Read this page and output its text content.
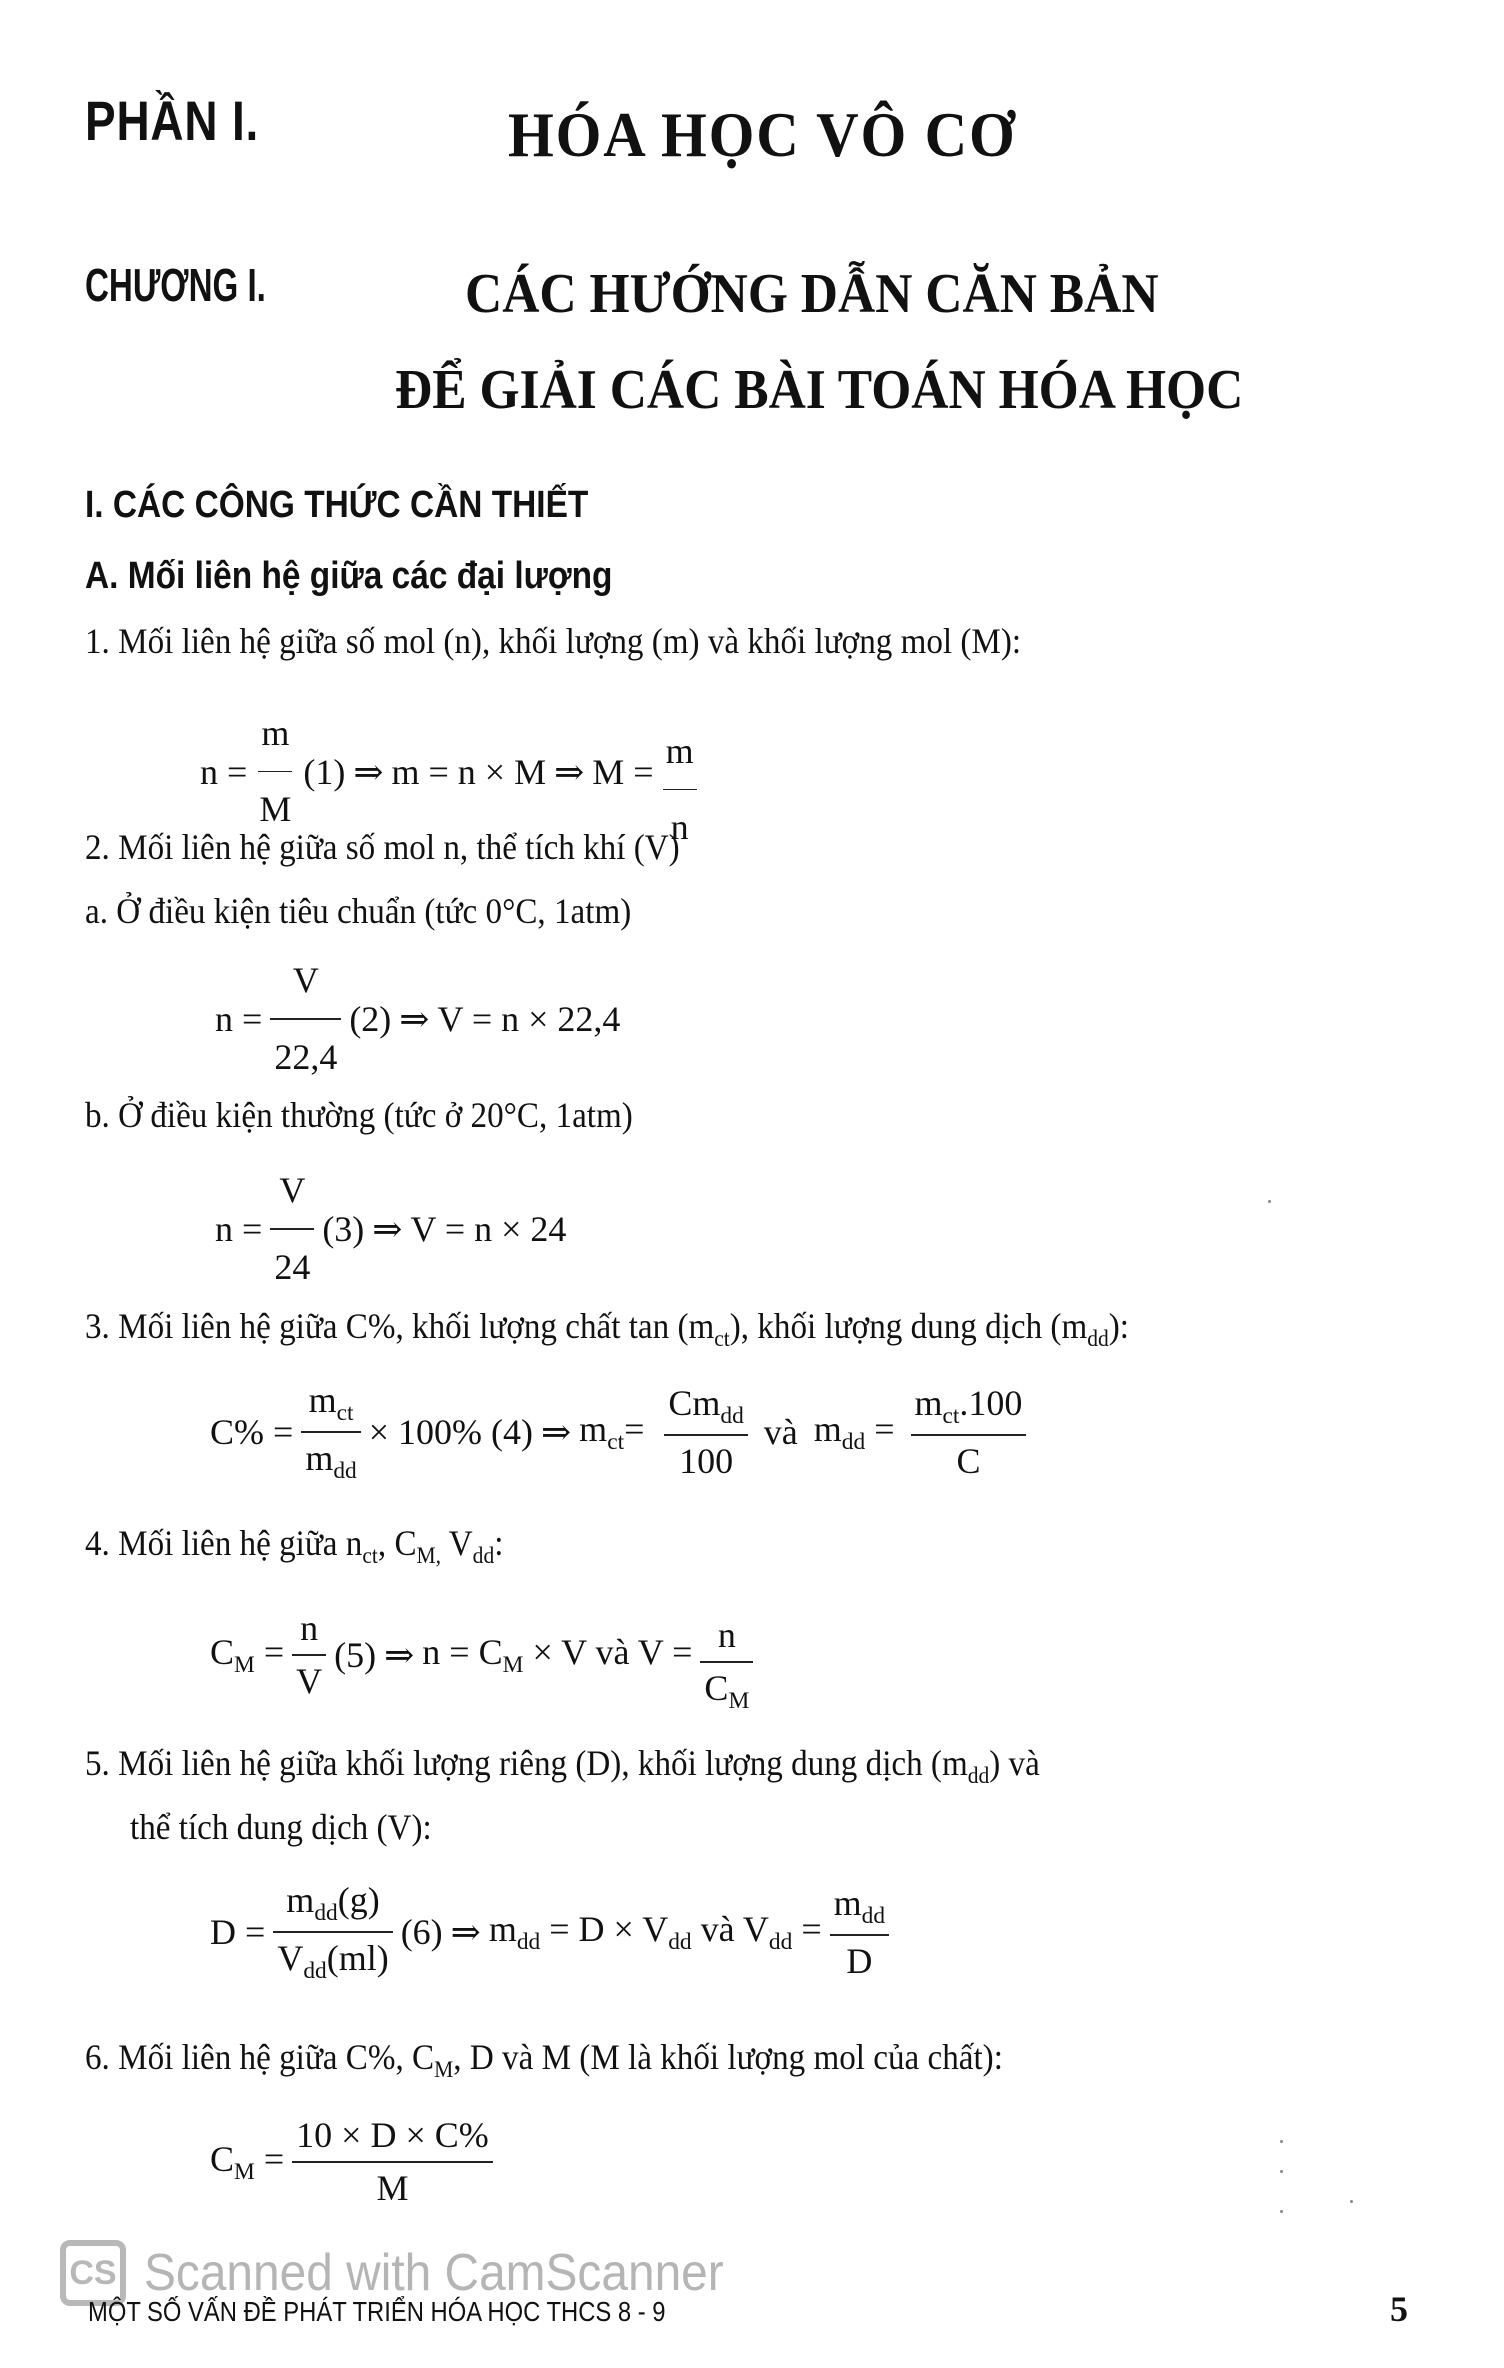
PHẦN I.	HÓA HỌC VÔ CƠ
CHƯƠNG I.	CÁC HƯỚNG DẪN CĂN BẢN
ĐỂ GIẢI CÁC BÀI TOÁN HÓA HỌC
I. CÁC CÔNG THỨC CẦN THIẾT
A. Mối liên hệ giữa các đại lượng
1. Mối liên hệ giữa số mol (n), khối lượng (m) và khối lượng mol (M):
$n = \frac{m}{M} (1)$ ⇒ m = n × M ⇒ $M = \frac{m}{n}$
2. Mối liên hệ giữa số mol n, thể tích khí (V)
a. Ở điều kiện tiêu chuẩn (tức 0°C, 1atm)
$n = \frac{V}{22,4} (2)$ ⇒ V = n × 22,4
b. Ở điều kiện thường (tức ở 20°C, 1atm)
$n = \frac{V}{24} (3)$ ⇒ V = n × 24
3. Mối liên hệ giữa C%, khối lượng chất $\tan (m_{ct})$, khối lượng dung dịch $(m_{dd})$:
$C\% = \frac{m_{ct}}{m_{dd}} \times 100\%$
(4) ⇒ $m_{ct}= \frac{Cm_{dd}}{100}$ và $m_{dd} = \frac{m_{ct}.100}{C}$
4. Mối liên hệ giữa $n_{ct}$, $C_{M,}$ $V_{dd}$:
$C_M = \frac{n}{V} (5)$ ⇒ $n = C_M \times V$ và $V = \frac{n}{C_M}$
5. Mối liên hệ giữa khối lượng riêng (D), khối lượng dung dịch $(m_{dd})$ và
thể tích dung dịch (V):
$D = \frac{m_{dd}(g)}{V_{dd}(ml)} (6)$ ⇒ $m_{dd} = D \times V_{dd}$ và $V_{dd} = \frac{m_{dd}}{D}$
6. Mối liên hệ giữa C%, $C_M$, D và M (M là khối lượng mol của chất):
$C_M = \frac{10 \times D \times C\%}{M}$
CS Scanned with CamScanner
MỘT SỐ VẤN ĐỀ PHÁT TRIỂN HÓA HỌC THCS 8 - 9	5
